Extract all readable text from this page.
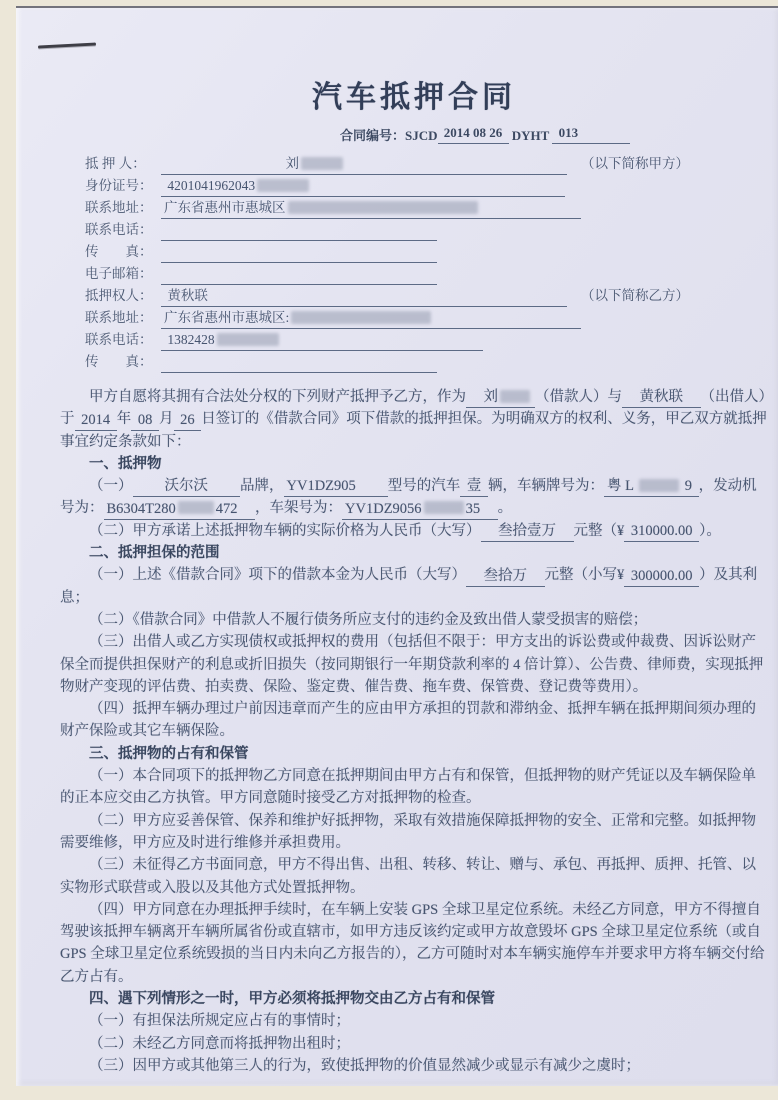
汽车抵押合同
合同编号：SJCD 2014 08 26  DYHT  013
抵 押 人：　　　　　　　　　刘	（以下简称甲方）
身份证号： 4201041962043
联系地址： 广东省惠州市惠城区
联系电话：
传　　真：
电子邮箱：
抵押权人： 黄秋联	（以下简称乙方）
联系地址： 广东省惠州市惠城区:
联系电话： 1382428
传　　真：

甲方自愿将其拥有合法处分权的下列财产抵押予乙方，作为　刘	（借款人）与　黄秋联　（出借人）于 2014 年 08 月 26 日签订的《借款合同》项下借款的抵押担保。为明确双方的权利、义务，甲乙双方就抵押事宜约定条款如下：

一、抵押物

（一）　　沃尔沃　　品牌， YV1DZ905　　型号的汽车 壹 辆，车辆牌号为： 粤 L	9 ，发动机号为： B6304T280	472　，车架号为： YV1DZ9056	35　。

（二）甲方承诺上述抵押物车辆的实际价格为人民币（大写）　叁拾壹万　元整（¥ 310000.00 ）。

二、抵押担保的范围

（一）上述《借款合同》项下的借款本金为人民币（大写）　叁拾万　元整（小写¥ 300000.00 ）及其利息；

（二）《借款合同》中借款人不履行债务所应支付的违约金及致出借人蒙受损害的赔偿；

（三）出借人或乙方实现债权或抵押权的费用（包括但不限于：甲方支出的诉讼费或仲裁费、因诉讼财产保全而提供担保财产的利息或折旧损失（按同期银行一年期贷款利率的 4 倍计算）、公告费、律师费，实现抵押物财产变现的评估费、拍卖费、保险、鉴定费、催告费、拖车费、保管费、登记费等费用）。

（四）抵押车辆办理过户前因违章而产生的应由甲方承担的罚款和滞纳金、抵押车辆在抵押期间须办理的财产保险或其它车辆保险。

三、抵押物的占有和保管

（一）本合同项下的抵押物乙方同意在抵押期间由甲方占有和保管，但抵押物的财产凭证以及车辆保险单的正本应交由乙方执管。甲方同意随时接受乙方对抵押物的检查。

（二）甲方应妥善保管、保养和维护好抵押物，采取有效措施保障抵押物的安全、正常和完整。如抵押物需要维修，甲方应及时进行维修并承担费用。

（三）未征得乙方书面同意，甲方不得出售、出租、转移、转让、赠与、承包、再抵押、质押、托管、以实物形式联营或入股以及其他方式处置抵押物。

（四）甲方同意在办理抵押手续时，在车辆上安装 GPS 全球卫星定位系统。未经乙方同意，甲方不得擅自驾驶该抵押车辆离开车辆所属省份或直辖市，如甲方违反该约定或甲方故意毁坏 GPS 全球卫星定位系统（或自 GPS 全球卫星定位系统毁损的当日内未向乙方报告的），乙方可随时对本车辆实施停车并要求甲方将车辆交付给乙方占有。

四、遇下列情形之一时，甲方必须将抵押物交由乙方占有和保管

（一）有担保法所规定应占有的事情时；

（二）未经乙方同意而将抵押物出租时；

（三）因甲方或其他第三人的行为，致使抵押物的价值显然减少或显示有减少之虞时；
